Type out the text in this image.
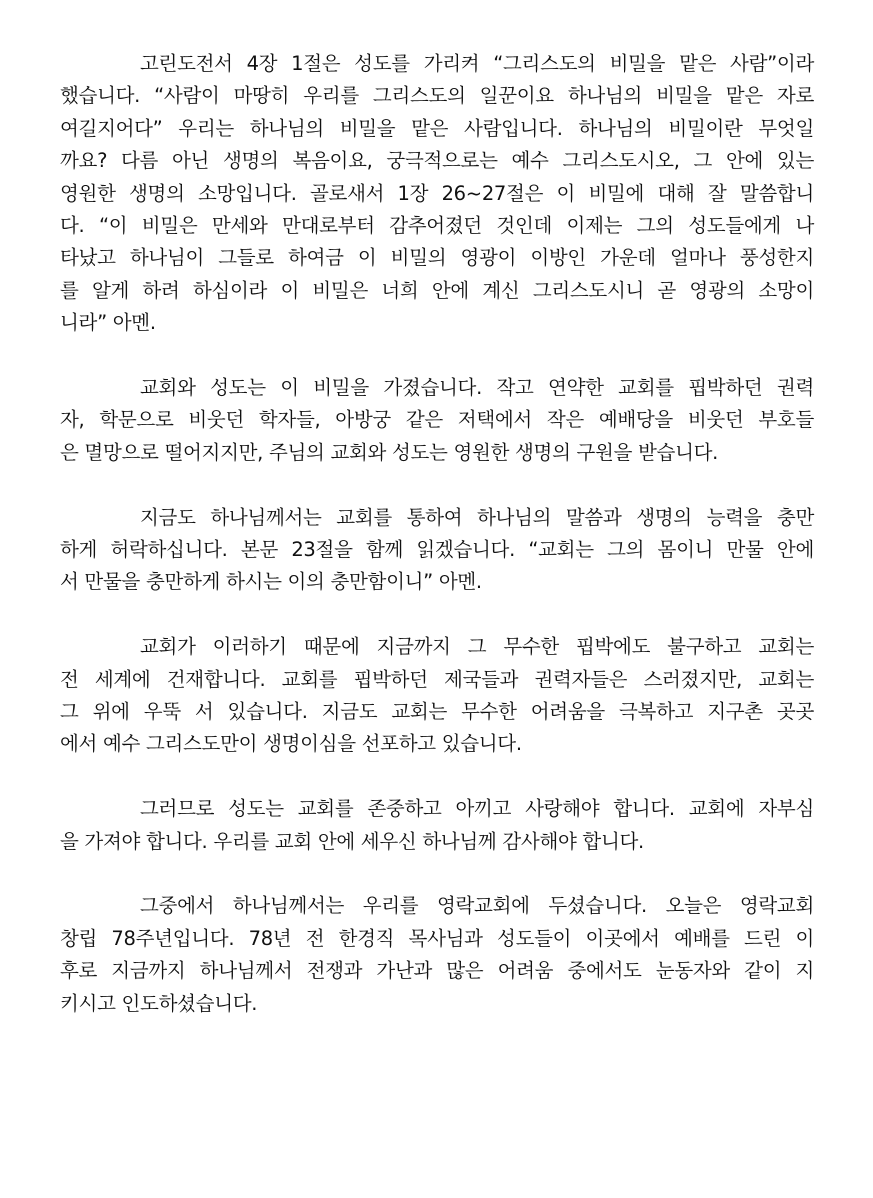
고린도전서 4장 1절은 성도를 가리켜 “그리스도의 비밀을 맡은 사람”이라
했습니다. “사람이 마땅히 우리를 그리스도의 일꾼이요 하나님의 비밀을 맡은 자로
여길지어다” 우리는 하나님의 비밀을 맡은 사람입니다. 하나님의 비밀이란 무엇일
까요? 다름 아닌 생명의 복음이요, 궁극적으로는 예수 그리스도시오, 그 안에 있는
영원한 생명의 소망입니다. 골로새서 1장 26~27절은 이 비밀에 대해 잘 말씀합니
다. “이 비밀은 만세와 만대로부터 감추어졌던 것인데 이제는 그의 성도들에게 나
타났고 하나님이 그들로 하여금 이 비밀의 영광이 이방인 가운데 얼마나 풍성한지
를 알게 하려 하심이라 이 비밀은 너희 안에 계신 그리스도시니 곧 영광의 소망이
니라” 아멘.
교회와 성도는 이 비밀을 가졌습니다. 작고 연약한 교회를 핍박하던 권력
자, 학문으로 비웃던 학자들, 아방궁 같은 저택에서 작은 예배당을 비웃던 부호들
은 멸망으로 떨어지지만, 주님의 교회와 성도는 영원한 생명의 구원을 받습니다.
지금도 하나님께서는 교회를 통하여 하나님의 말씀과 생명의 능력을 충만
하게 허락하십니다. 본문 23절을 함께 읽겠습니다. “교회는 그의 몸이니 만물 안에
서 만물을 충만하게 하시는 이의 충만함이니” 아멘.
교회가 이러하기 때문에 지금까지 그 무수한 핍박에도 불구하고 교회는
전 세계에 건재합니다. 교회를 핍박하던 제국들과 권력자들은 스러졌지만, 교회는
그 위에 우뚝 서 있습니다. 지금도 교회는 무수한 어려움을 극복하고 지구촌 곳곳
에서 예수 그리스도만이 생명이심을 선포하고 있습니다.
그러므로 성도는 교회를 존중하고 아끼고 사랑해야 합니다. 교회에 자부심
을 가져야 합니다. 우리를 교회 안에 세우신 하나님께 감사해야 합니다.
그중에서 하나님께서는 우리를 영락교회에 두셨습니다. 오늘은 영락교회
창립 78주년입니다. 78년 전 한경직 목사님과 성도들이 이곳에서 예배를 드린 이
후로 지금까지 하나님께서 전쟁과 가난과 많은 어려움 중에서도 눈동자와 같이 지
키시고 인도하셨습니다.
